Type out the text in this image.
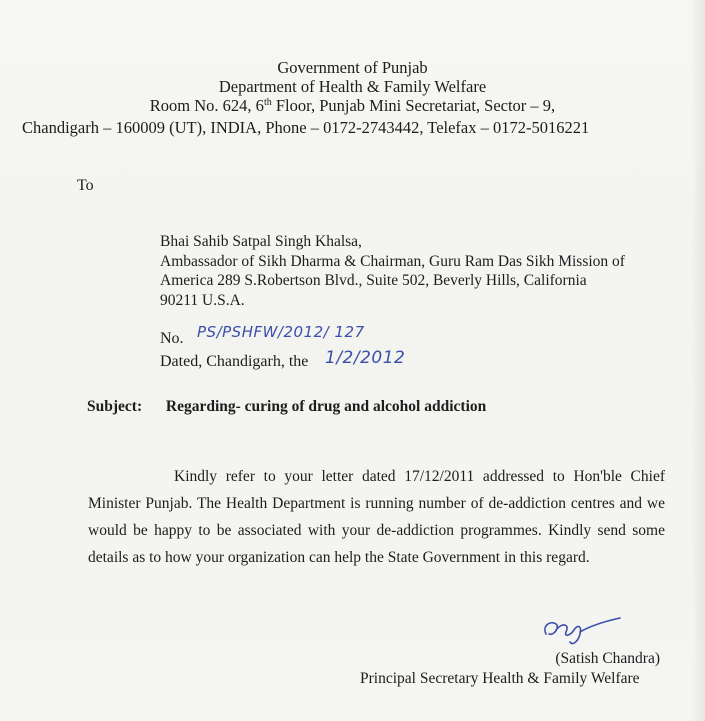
Government of Punjab
Department of Health & Family Welfare
Room No. 624, 6th Floor, Punjab Mini Secretariat, Sector – 9,
Chandigarh – 160009 (UT), INDIA, Phone – 0172-2743442, Telefax – 0172-5016221
To
Bhai Sahib Satpal Singh Khalsa,
Ambassador of Sikh Dharma & Chairman, Guru Ram Das Sikh Mission of
America 289 S.Robertson Blvd., Suite 502, Beverly Hills, California
90211 U.S.A.
No. PS/PSHFW/2012/ 127
Dated, Chandigarh, the 1/2/2012
Subject: Regarding- curing of drug and alcohol addiction
Kindly refer to your letter dated 17/12/2011 addressed to Hon'ble Chief Minister Punjab. The Health Department is running number of de-addiction centres and we would be happy to be associated with your de-addiction programmes. Kindly send some details as to how your organization can help the State Government in this regard.
(Satish Chandra)
Principal Secretary Health & Family Welfare
